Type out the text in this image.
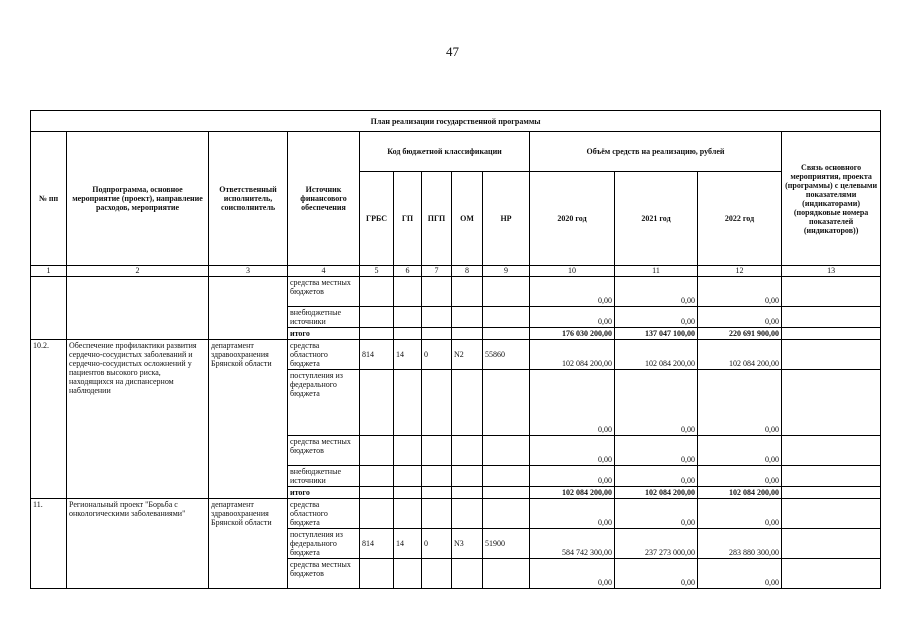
47
План реализации государственной программы												
№ пп	Подпрограмма, основное мероприятие (проект), направление расходов, мероприятие	Ответственный исполнитель, соисполнитель	Источник финансового обеспечения	Код бюджетной классификации					Объём средств на реализацию, рублей			Связь основного мероприятия, проекта (программы) с целевыми показателями (индикаторами) (порядковые номера показателей (индикаторов))
				ГРБС	ГП	ПГП	ОМ	НР	2020 год	2021 год	2022 год	
1	2	3	4	5	6	7	8	9	10	11	12	13
			средства местных бюджетов						0,00	0,00	0,00	
			внебюджетные источники						0,00	0,00	0,00	
			итого						176 030 200,00	137 047 100,00	220 691 900,00	
10.2.	Обеспечение профилактики развития сердечно-сосудистых заболеваний и сердечно-сосудистых осложнений у пациентов высокого риска, находящихся на диспансерном наблюдении	департамент здравоохранения Брянской области	средства областного бюджета	814	14	0	N2	55860	102 084 200,00	102 084 200,00	102 084 200,00	
			поступления из федерального бюджета						0,00	0,00	0,00	
			средства местных бюджетов						0,00	0,00	0,00	
			внебюджетные источники						0,00	0,00	0,00	
			итого						102 084 200,00	102 084 200,00	102 084 200,00	
11.	Региональный проект "Борьба с онкологическими заболеваниями"	департамент здравоохранения Брянской области	средства областного бюджета						0,00	0,00	0,00	
			поступления из федерального бюджета	814	14	0	N3	51900	584 742 300,00	237 273 000,00	283 880 300,00	
			средства местных бюджетов						0,00	0,00	0,00	
